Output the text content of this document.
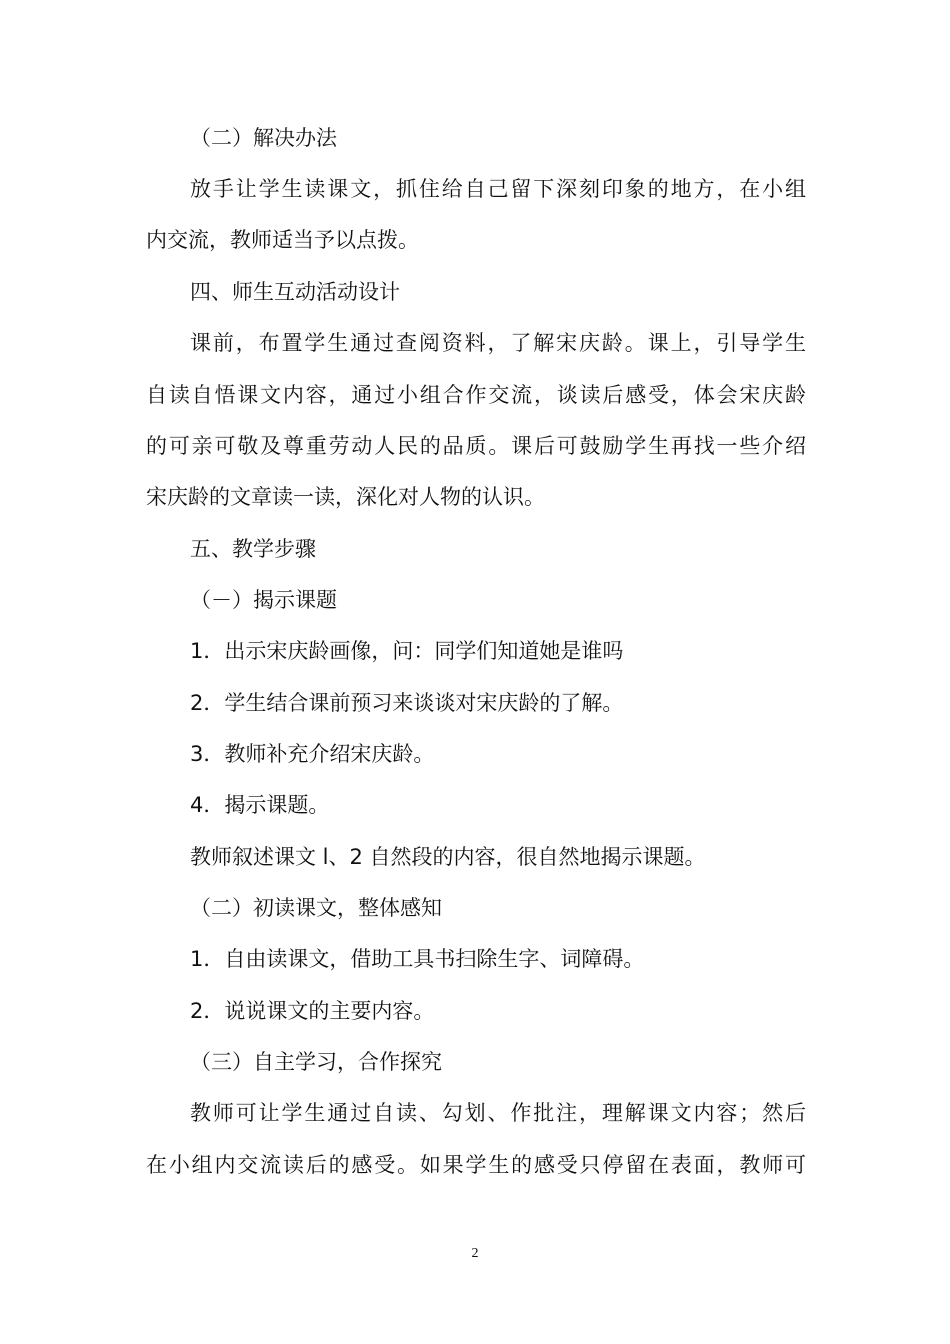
（二）解决办法

放手让学生读课文，抓住给自己留下深刻印象的地方，在小组

内交流，教师适当予以点拨。

四、师生互动活动设计

课前，布置学生通过查阅资料，了解宋庆龄。课上，引导学生

自读自悟课文内容，通过小组合作交流，谈读后感受，体会宋庆龄

的可亲可敬及尊重劳动人民的品质。课后可鼓励学生再找一些介绍

宋庆龄的文章读一读，深化对人物的认识。

五、教学步骤

（－）揭示课题

1．出示宋庆龄画像，问：同学们知道她是谁吗

2．学生结合课前预习来谈谈对宋庆龄的了解。

3．教师补充介绍宋庆龄。

4．揭示课题。

教师叙述课文 l、2 自然段的内容，很自然地揭示课题。

（二）初读课文，整体感知

1．自由读课文，借助工具书扫除生字、词障碍。

2．说说课文的主要内容。

（三）自主学习，合作探究

教师可让学生通过自读、勾划、作批注，理解课文内容；然后

在小组内交流读后的感受。如果学生的感受只停留在表面，教师可

2
